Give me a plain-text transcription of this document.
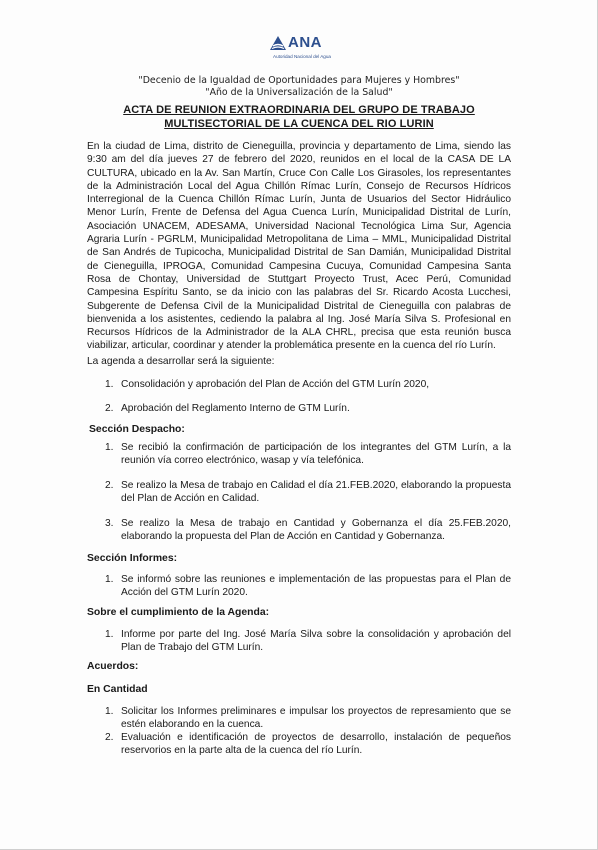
ANA
Autoridad Nacional del Agua
"Decenio de la Igualdad de Oportunidades para Mujeres y Hombres"
"Año de la Universalización de la Salud"
ACTA DE REUNION EXTRAORDINARIA DEL GRUPO DE TRABAJO
MULTISECTORIAL DE LA CUENCA DEL RIO LURIN
En la ciudad de Lima, distrito de Cieneguilla, provincia y departamento de Lima, siendo las 9:30 am del día jueves 27 de febrero del 2020, reunidos en el local de la CASA DE LA CULTURA, ubicado en la Av. San Martín, Cruce Con Calle Los Girasoles, los representantes de la Administración Local del Agua Chillón Rímac Lurín, Consejo de Recursos Hídricos Interregional de la Cuenca Chillón Rímac Lurín, Junta de Usuarios del Sector Hidráulico Menor Lurín, Frente de Defensa del Agua Cuenca Lurín, Municipalidad Distrital de Lurín, Asociación UNACEM, ADESAMA, Universidad Nacional Tecnológica Lima Sur, Agencia Agraria Lurín - PGRLM, Municipalidad Metropolitana de Lima – MML, Municipalidad Distrital de San Andrés de Tupicocha, Municipalidad Distrital de San Damián, Municipalidad Distrital de Cieneguilla, IPROGA, Comunidad Campesina Cucuya, Comunidad Campesina Santa Rosa de Chontay, Universidad de Stuttgart Proyecto Trust, Acec Perú, Comunidad Campesina Espíritu Santo, se da inicio con las palabras del Sr. Ricardo Acosta Lucchesi, Subgerente de Defensa Civil de la Municipalidad Distrital de Cieneguilla con palabras de bienvenida a los asistentes, cediendo la palabra al Ing. José María Silva S. Profesional en Recursos Hídricos de la Administrador de la ALA CHRL, precisa que esta reunión busca viabilizar, articular, coordinar y atender la problemática presente en la cuenca del río Lurín.
La agenda a desarrollar será la siguiente:
1. Consolidación y aprobación del Plan de Acción del GTM Lurín 2020,
2. Aprobación del Reglamento Interno de GTM Lurín.
Sección Despacho:
1. Se recibió la confirmación de participación de los integrantes del GTM Lurín, a la reunión vía correo electrónico, wasap y vía telefónica.
2. Se realizo la Mesa de trabajo en Calidad el día 21.FEB.2020, elaborando la propuesta del Plan de Acción en Calidad.
3. Se realizo la Mesa de trabajo en Cantidad y Gobernanza el día 25.FEB.2020, elaborando la propuesta del Plan de Acción en Cantidad y Gobernanza.
Sección Informes:
1. Se informó sobre las reuniones e implementación de las propuestas para el Plan de Acción del GTM Lurín 2020.
Sobre el cumplimiento de la Agenda:
1. Informe por parte del Ing. José María Silva sobre la consolidación y aprobación del Plan de Trabajo del GTM Lurín.
Acuerdos:
En Cantidad
1. Solicitar los Informes preliminares e impulsar los proyectos de represamiento que se estén elaborando en la cuenca.
2. Evaluación e identificación de proyectos de desarrollo, instalación de pequeños reservorios en la parte alta de la cuenca del río Lurín.
